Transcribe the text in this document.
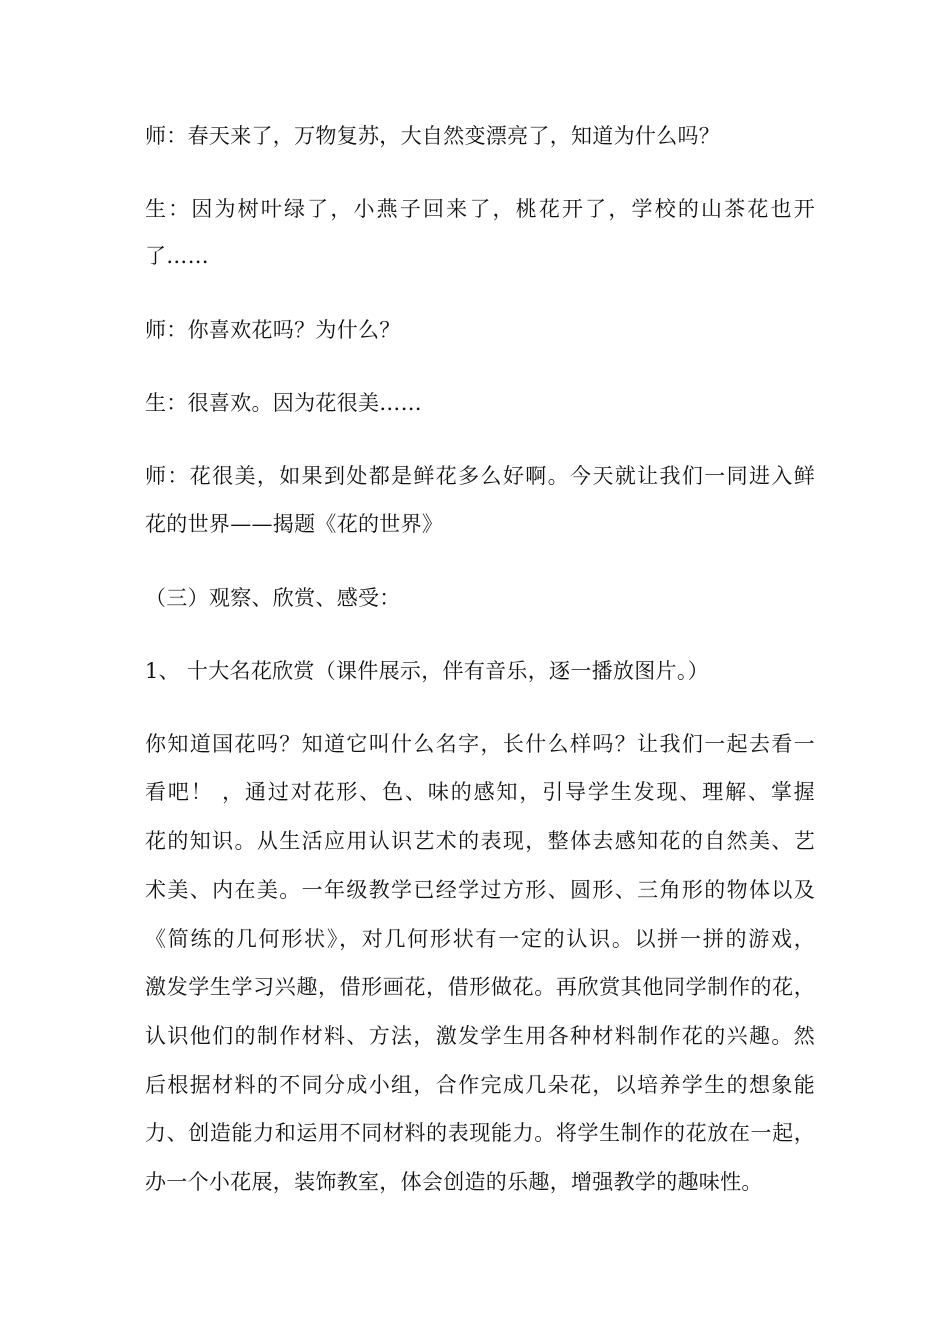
师：春天来了，万物复苏，大自然变漂亮了，知道为什么吗？
生：因为树叶绿了，小燕子回来了，桃花开了，学校的山茶花也开
了……
师：你喜欢花吗？为什么？
生：很喜欢。因为花很美……
师：花很美，如果到处都是鲜花多么好啊。今天就让我们一同进入鲜
花的世界——揭题《花的世界》
（三）观察、欣赏、感受：
1、 十大名花欣赏（课件展示，伴有音乐，逐一播放图片。）
你知道国花吗？知道它叫什么名字，长什么样吗？让我们一起去看一
看吧！ ，通过对花形、色、味的感知，引导学生发现、理解、掌握
花的知识。从生活应用认识艺术的表现，整体去感知花的自然美、艺
术美、内在美。一年级教学已经学过方形、圆形、三角形的物体以及
《简练的几何形状》，对几何形状有一定的认识。以拼一拼的游戏，
激发学生学习兴趣，借形画花，借形做花。再欣赏其他同学制作的花，
认识他们的制作材料、方法，激发学生用各种材料制作花的兴趣。然
后根据材料的不同分成小组，合作完成几朵花，以培养学生的想象能
力、创造能力和运用不同材料的表现能力。将学生制作的花放在一起，
办一个小花展，装饰教室，体会创造的乐趣，增强教学的趣味性。
